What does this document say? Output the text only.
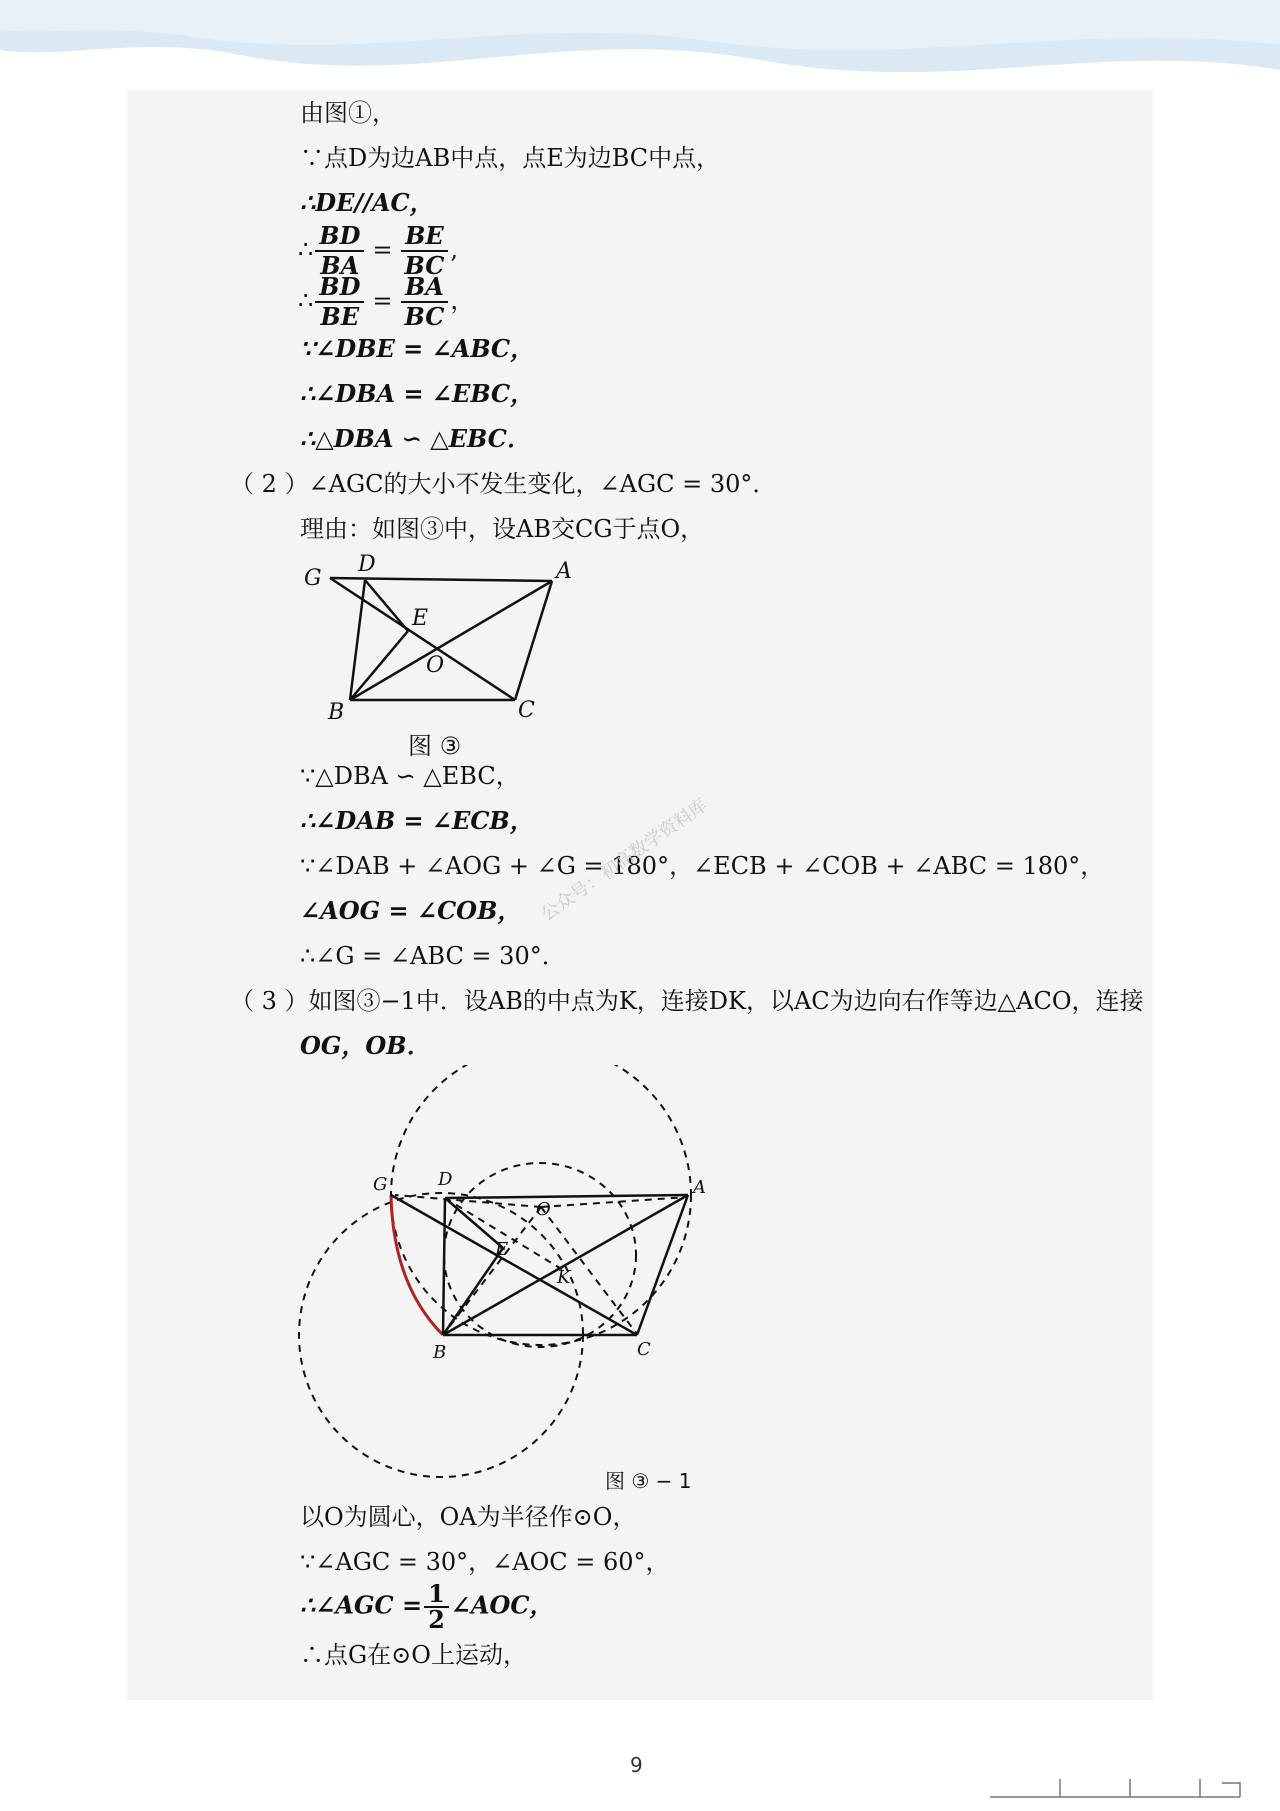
由图①，
∵点D为边AB中点，点E为边BC中点，
∴DE//AC，
∴ $\frac{BD}{BA} = \frac{BE}{BC}$ ,
∴ $\frac{BD}{BE} = \frac{BA}{BC}$ ，
∵∠DBE = ∠ABC，
∴∠DBA = ∠EBC，
∴△DBA ∽ △EBC．
（ 2 ）∠AGC的大小不发生变化，∠AGC = 30°．
理由：如图③中，设AB交CG于点O，
G
D	A
E
O
B	C
图 ③
∵△DBA ∽ △EBC，
∴∠DAB = ∠ECB，
∵∠DAB + ∠AOG + ∠G = 180°，∠ECB + ∠COB + ∠ABC = 180°，
∠AOG = ∠COB，
∴∠G = ∠ABC = 30°．
公众号：初高数学资料库
（ 3 ）如图③−1中．设AB的中点为K，连接DK，以AC为边向右作等边△ACO，连接
OG，OB．
G	D	A
O
E
K
B	C
图 ③ − 1
以O为圆心，OA为半径作⊙O，
∵∠AGC = 30°，∠AOC = 60°，
∴∠AGC = $\frac{1}{2}$ ∠AOC，
∴点G在⊙O上运动，
9
